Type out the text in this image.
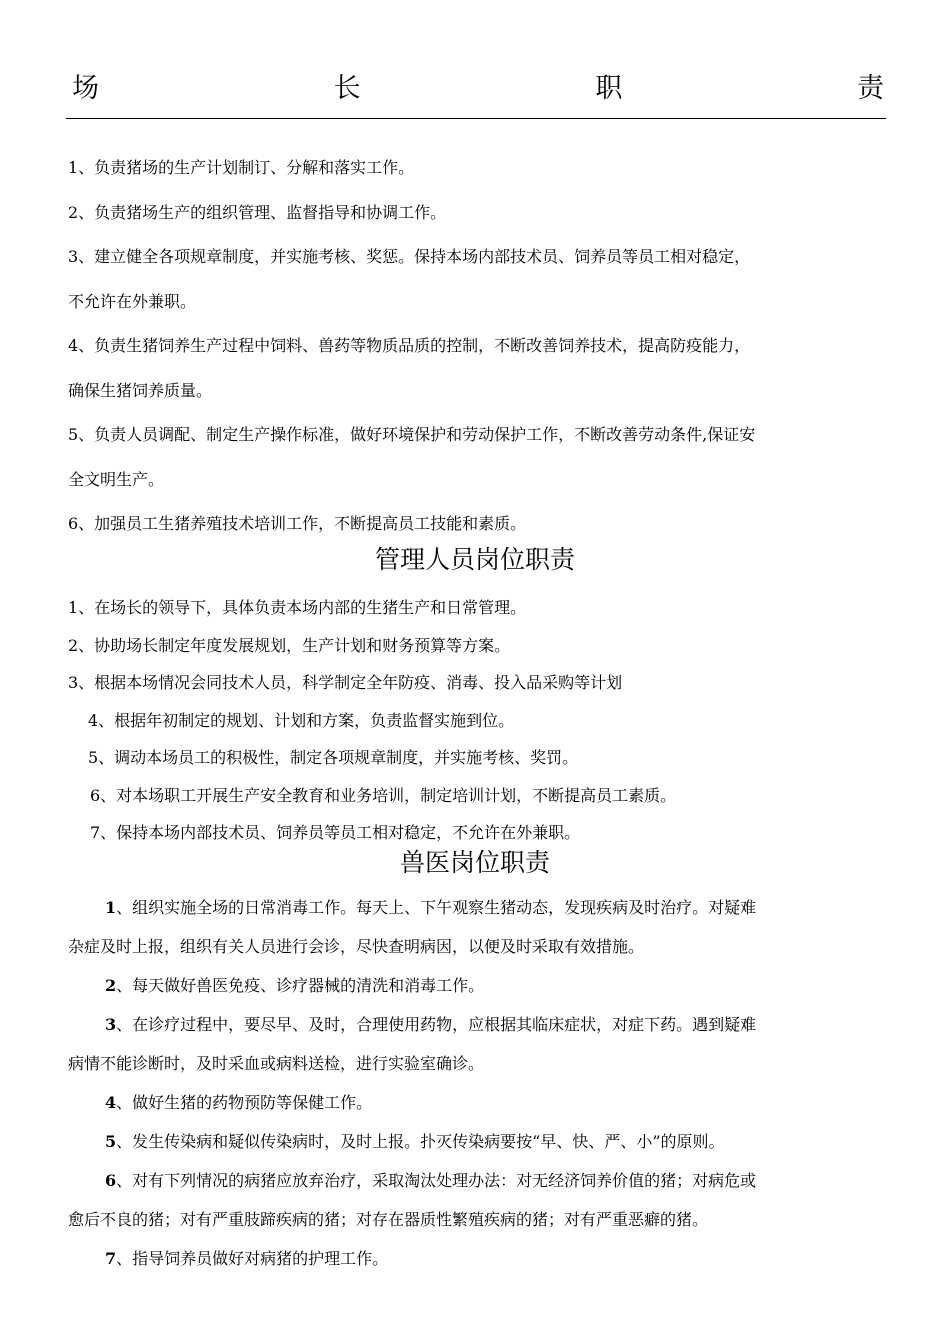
场	长	职	责
1、负责猪场的生产计划制订、分解和落实工作。
2、负责猪场生产的组织管理、监督指导和协调工作。
3、建立健全各项规章制度，并实施考核、奖惩。保持本场内部技术员、饲养员等员工相对稳定，
不允许在外兼职。
4、负责生猪饲养生产过程中饲料、兽药等物质品质的控制，不断改善饲养技术，提高防疫能力，
确保生猪饲养质量。
5、负责人员调配、制定生产操作标准，做好环境保护和劳动保护工作，不断改善劳动条件,保证安
全文明生产。
6、加强员工生猪养殖技术培训工作，不断提高员工技能和素质。
管理人员岗位职责
1、在场长的领导下，具体负责本场内部的生猪生产和日常管理。
2、协助场长制定年度发展规划，生产计划和财务预算等方案。
3、根据本场情况会同技术人员，科学制定全年防疫、消毒、投入品采购等计划
4、根据年初制定的规划、计划和方案，负责监督实施到位。
5、调动本场员工的积极性，制定各项规章制度，并实施考核、奖罚。
6、对本场职工开展生产安全教育和业务培训，制定培训计划，不断提高员工素质。
7、保持本场内部技术员、饲养员等员工相对稳定，不允许在外兼职。
兽医岗位职责
1、组织实施全场的日常消毒工作。每天上、下午观察生猪动态，发现疾病及时治疗。对疑难
杂症及时上报，组织有关人员进行会诊，尽快查明病因，以便及时采取有效措施。
2、每天做好兽医免疫、诊疗器械的清洗和消毒工作。
3、在诊疗过程中，要尽早、及时，合理使用药物，应根据其临床症状，对症下药。遇到疑难
病情不能诊断时，及时采血或病料送检，进行实验室确诊。
4、做好生猪的药物预防等保健工作。
5、发生传染病和疑似传染病时，及时上报。扑灭传染病要按“早、快、严、小”的原则。
6、对有下列情况的病猪应放弃治疗，采取淘汰处理办法：对无经济饲养价值的猪；对病危或
愈后不良的猪；对有严重肢蹄疾病的猪；对存在器质性繁殖疾病的猪；对有严重恶癖的猪。
7、指导饲养员做好对病猪的护理工作。
